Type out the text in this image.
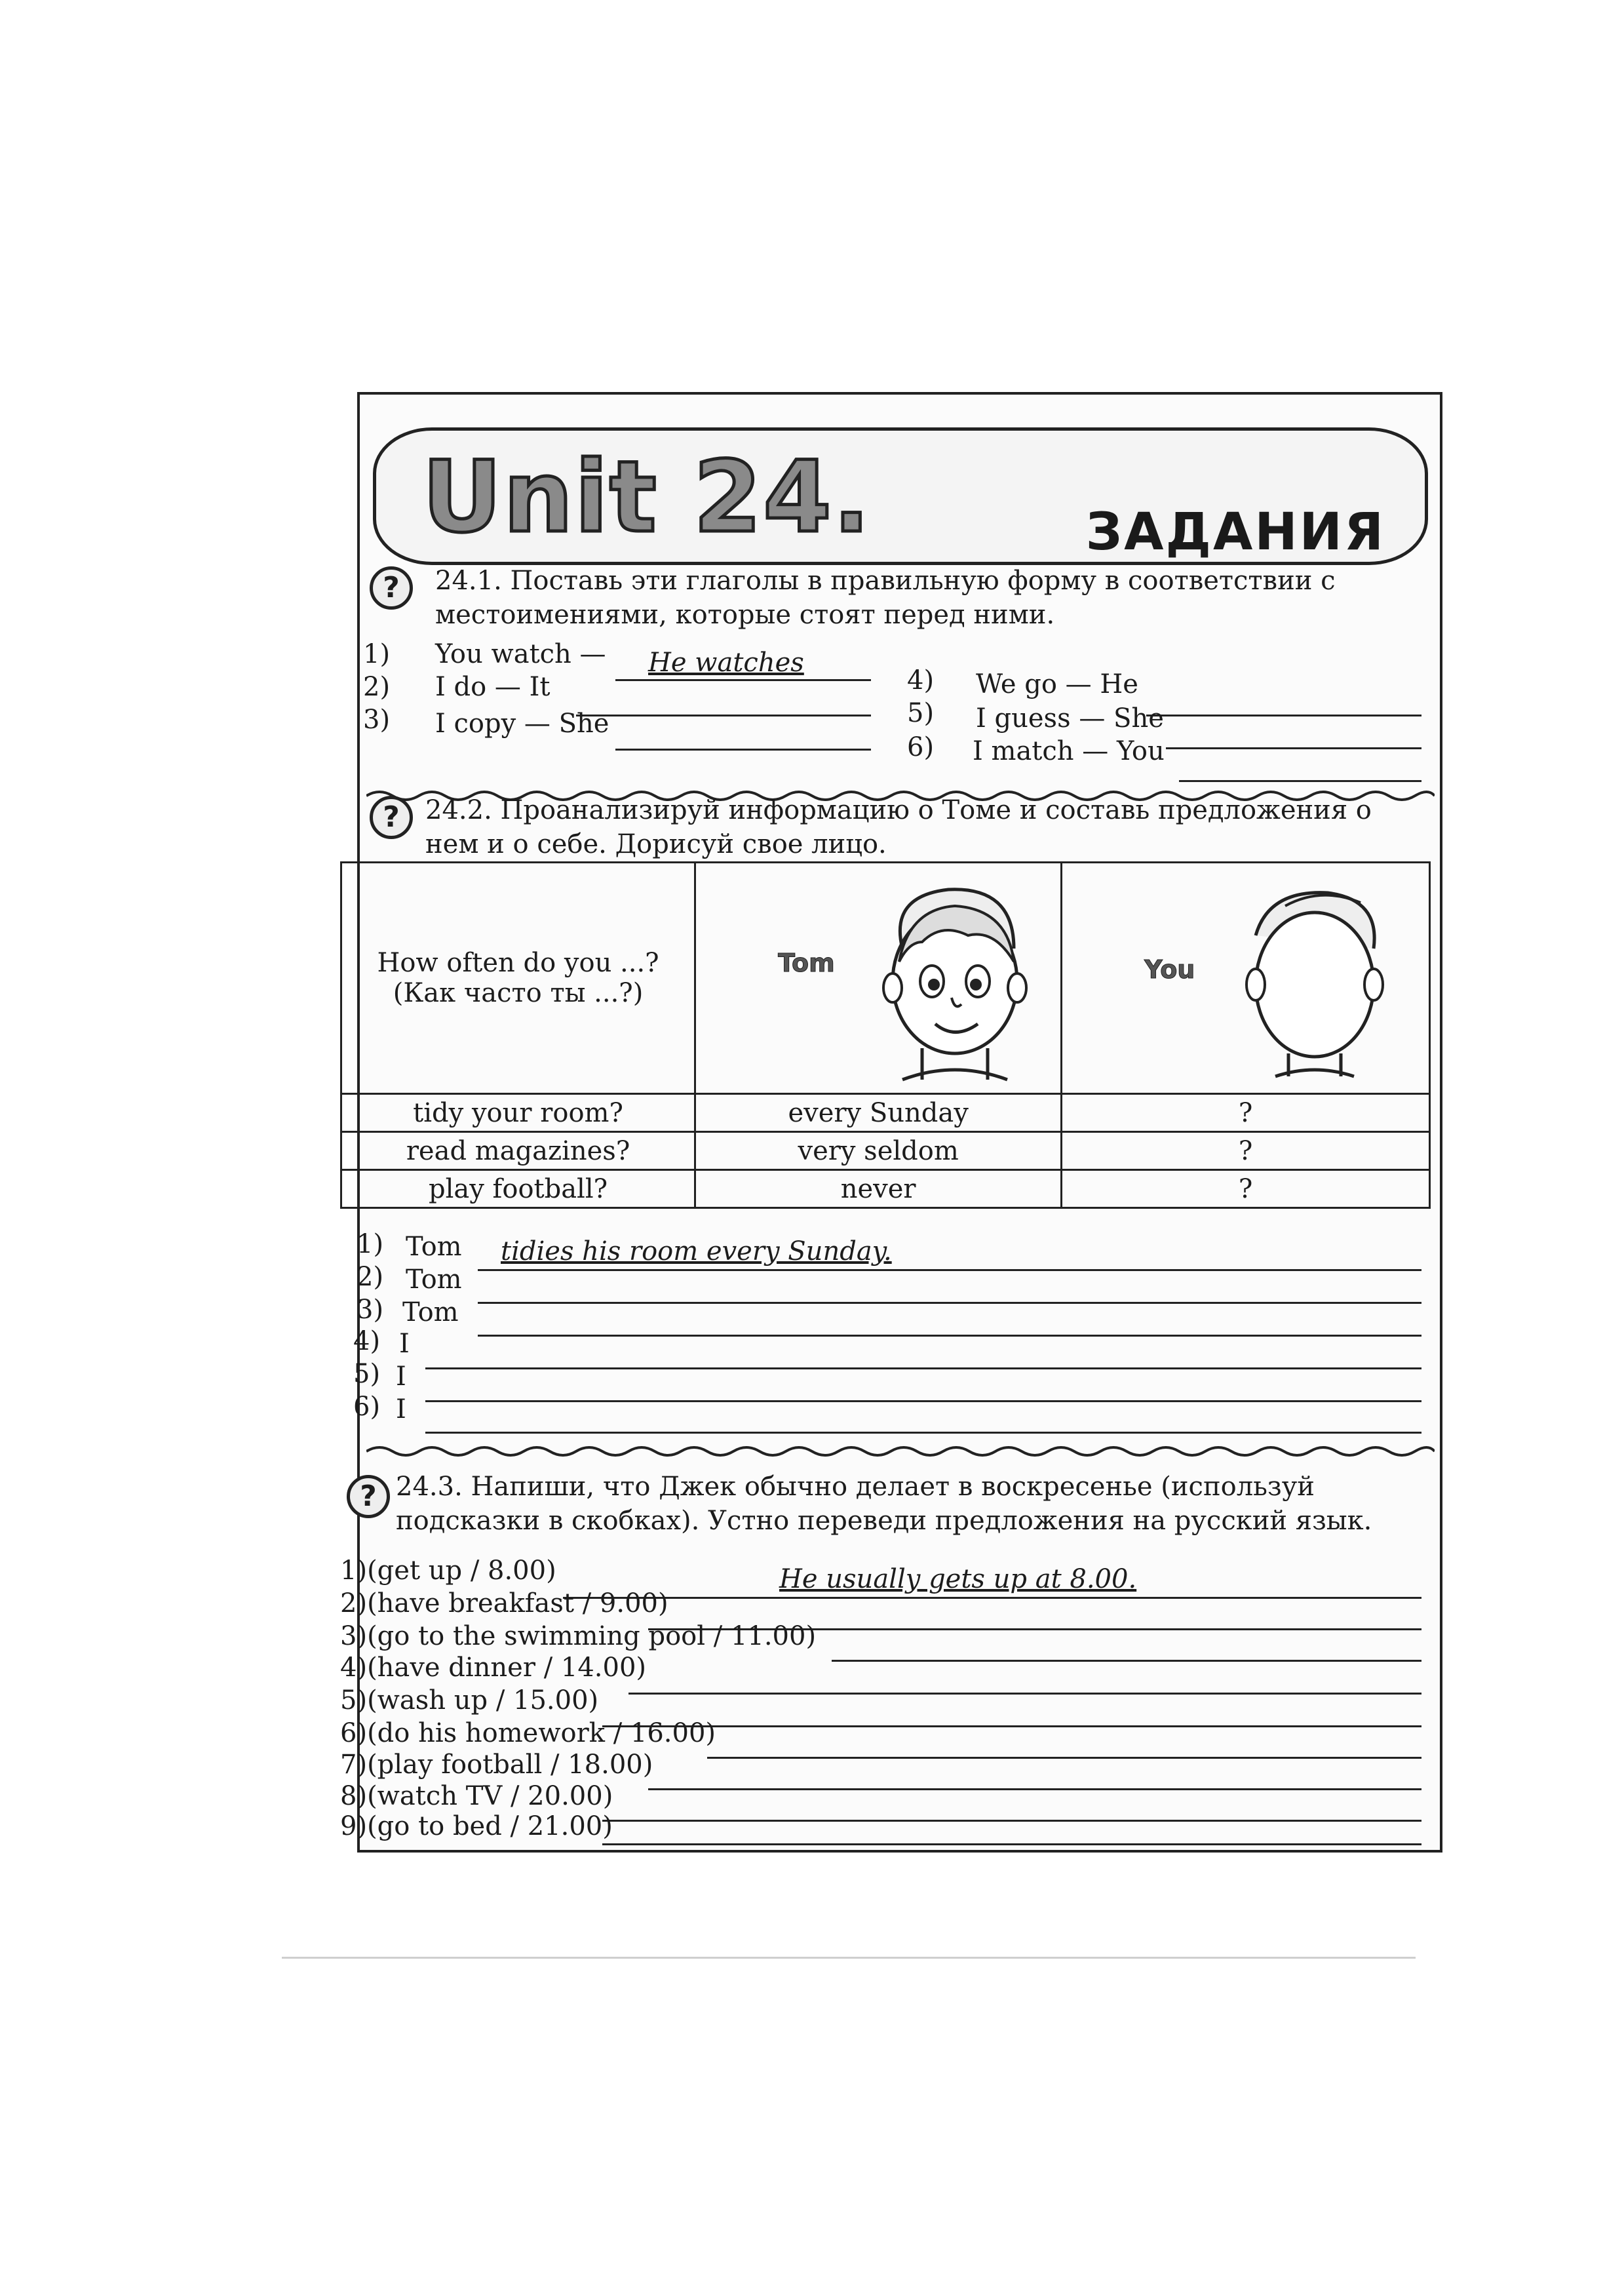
Unit 24.	ЗАДАНИЯ
?	24.1. Поставь эти глаголы в правильную форму в соответствии с местоимениями, которые стоят перед ними.
1) You watch — He watches
2) I do — It
3) I copy — She
4) We go — He
5) I guess — She
6) I match — You
? 24.2. Проанализируй информацию о Томе и составь предложения о нем и о себе. Дорисуй свое лицо.
How often do you ...?
(Как часто ты ...?)	Tom	You

tidy your room?	every Sunday	?
read magazines?	very seldom	?
play football?	never	?
1) Tom tidies his room every Sunday.
2) Tom
3) Tom
4) I
5) I
6) I
? 24.3. Напиши, что Джек обычно делает в воскресенье (используй подсказки в скобках). Устно переведи предложения на русский язык.
1)(get up / 8.00)	He usually gets up at 8.00.
2)(have breakfast / 9.00)
3)(go to the swimming pool / 11.00)
4)(have dinner / 14.00)
5)(wash up / 15.00)
6)(do his homework / 16.00)
7)(play football / 18.00)
8)(watch TV / 20.00)
9)(go to bed / 21.00)
